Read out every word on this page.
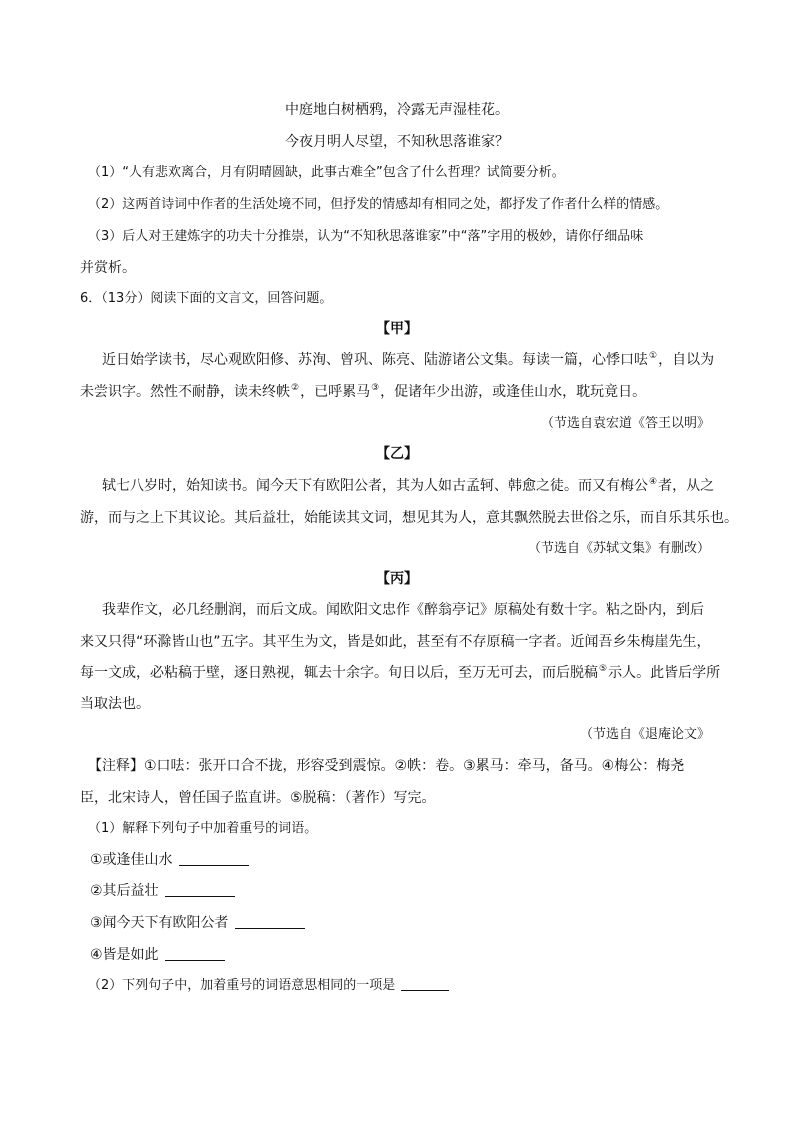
中庭地白树栖鸦，冷露无声湿桂花。
今夜月明人尽望，不知秋思落谁家？
（1）“人有悲欢离合，月有阴晴圆缺，此事古难全”包含了什么哲理？试简要分析。
（2）这两首诗词中作者的生活处境不同，但抒发的情感却有相同之处，都抒发了作者什么样的情感。
（3）后人对王建炼字的功夫十分推崇，认为“不知秋思落谁家”中“落”字用的极妙，请你仔细品味
并赏析。
6．（13分）阅读下面的文言文，回答问题。
【甲】
近日始学读书，尽心观欧阳修、苏洵、曾巩、陈亮、陆游诸公文集。每读一篇，心悸口呿①，自以为
未尝识字。然性不耐静，读未终帙②，已呼累马③，促诸年少出游，或逢佳山水，耽玩竟日。
（节选自袁宏道《答王以明》
【乙】
轼七八岁时，始知读书。闻今天下有欧阳公者，其为人如古孟轲、韩愈之徒。而又有梅公④者，从之
游，而与之上下其议论。其后益壮，始能读其文词，想见其为人，意其飘然脱去世俗之乐，而自乐其乐也。
（节选自《苏轼文集》有删改）
【丙】
我辈作文，必几经删润，而后文成。闻欧阳文忠作《醉翁亭记》原稿处有数十字。粘之卧内，到后
来又只得“环滁皆山也”五字。其平生为文，皆是如此，甚至有不存原稿一字者。近闻吾乡朱梅崖先生，
每一文成，必粘稿于壁，逐日熟视，辄去十余字。旬日以后，至万无可去，而后脱稿⑤示人。此皆后学所
当取法也。
（节选自《退庵论文》
【注释】①口呿：张开口合不拢，形容受到震惊。②帙：卷。③累马：牵马，备马。④梅公：梅尧
臣，北宋诗人，曾任国子监直讲。⑤脱稿：（著作）写完。
（1）解释下列句子中加着重号的词语。
①或逢佳山水
②其后益壮
③闻今天下有欧阳公者
④皆是如此
（2）下列句子中，加着重号的词语意思相同的一项是
